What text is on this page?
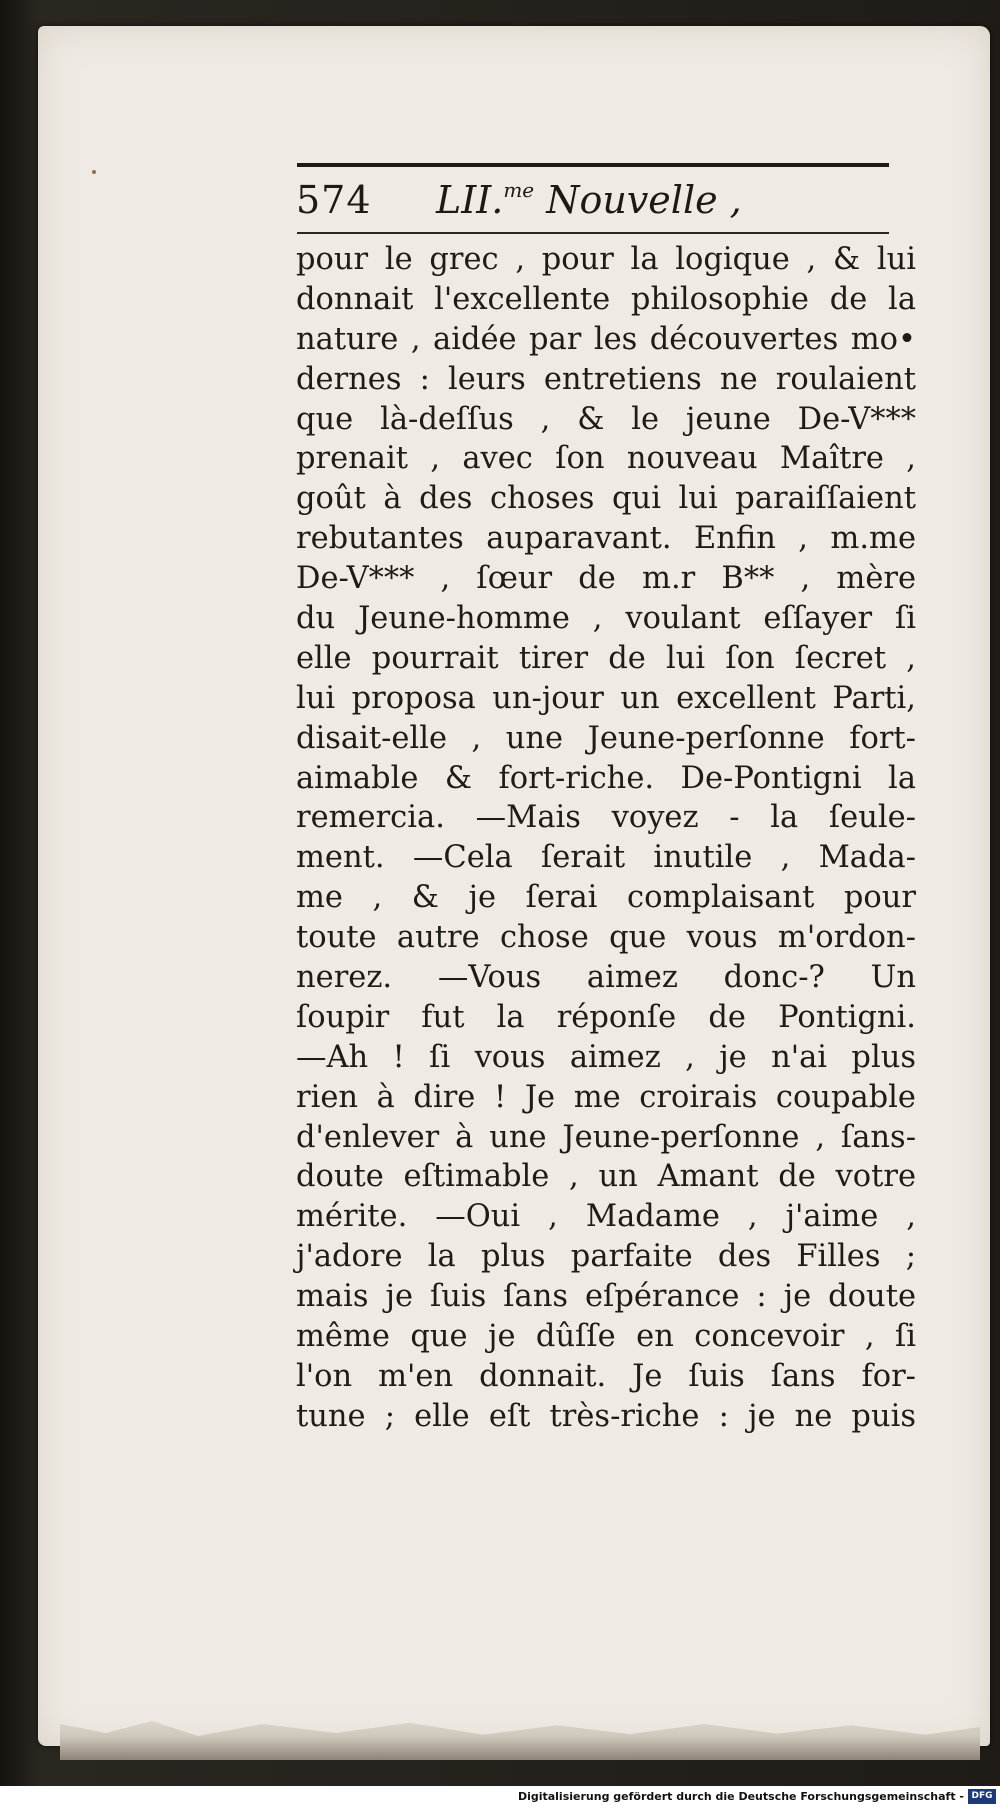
574 LII.$^{me}$ Nouvelle ,
pour le grec , pour la logique , & lui
donnait l'excellente philosophie de la
nature , aidée par les découvertes mo•
dernes : leurs entretiens ne roulaient
que là-deſſus , & le jeune De-V***
prenait , avec ſon nouveau Maître ,
goût à des choses qui lui paraiſſaient
rebutantes auparavant. Enfin , m.me
De-V*** , ſœur de m.r B** , mère
du Jeune-homme , voulant eſſayer ſi
elle pourrait tirer de lui ſon ſecret ,
lui proposa un-jour un excellent Parti,
disait-elle , une Jeune-perſonne fort-
aimable & fort-riche. De-Pontigni la
remercia. —Mais voyez - la ſeule-
ment. —Cela ſerait inutile , Mada-
me , & je ſerai complaisant pour
toute autre chose que vous m'ordon-
nerez. —Vous aimez donc-? Un
ſoupir fut la réponſe de Pontigni.
—Ah ! ſi vous aimez , je n'ai plus
rien à dire ! Je me croirais coupable
d'enlever à une Jeune-perſonne , ſans-
doute eſtimable , un Amant de votre
mérite. —Oui , Madame , j'aime ,
j'adore la plus parfaite des Filles ;
mais je ſuis ſans eſpérance : je doute
même que je dûſſe en concevoir , ſi
l'on m'en donnait. Je ſuis ſans for-
tune ; elle eſt très-riche : je ne puis
Digitalisierung gefördert durch die Deutsche Forschungsgemeinschaft - DFG
